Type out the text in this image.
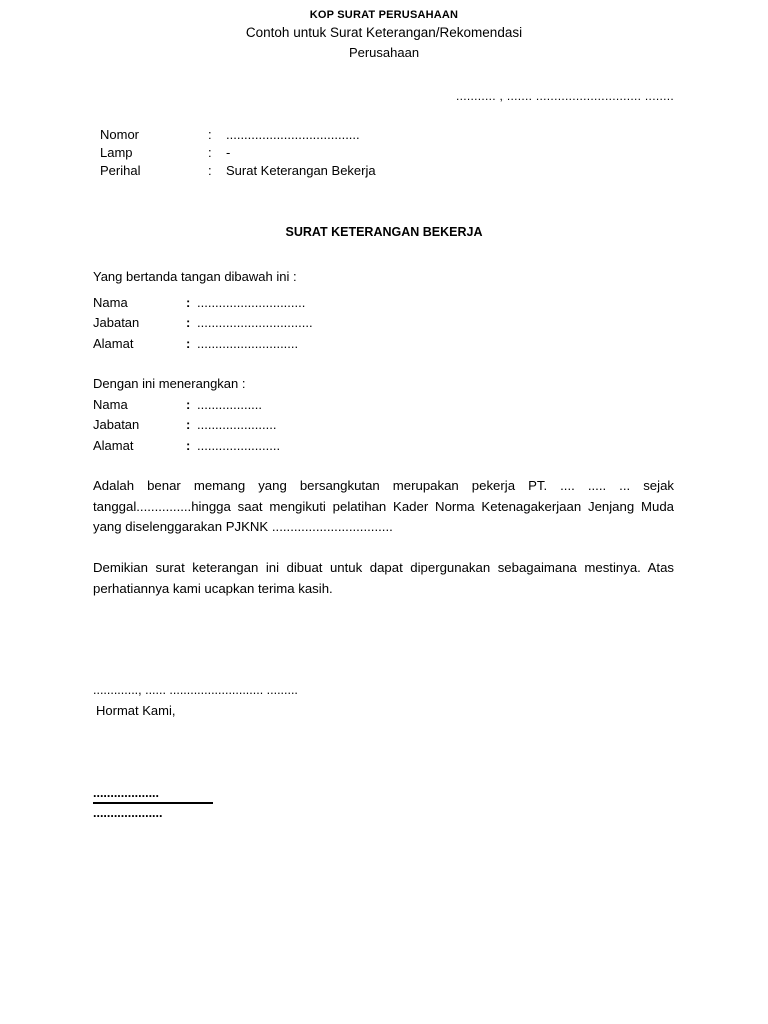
KOP SURAT PERUSAHAAN
Contoh untuk Surat Keterangan/Rekomendasi
Perusahaan
........... , ....... ............................. ........
Nomor	:	.....................................
Lamp	:	-
Perihal	:	Surat Keterangan Bekerja
SURAT KETERANGAN BEKERJA
Yang bertanda tangan dibawah ini :
Nama	: ..............................
Jabatan	: ................................
Alamat	: ............................
Dengan ini menerangkan :
Nama	: ..................
Jabatan	: ......................
Alamat	: .......................
Adalah benar memang yang bersangkutan merupakan pekerja PT. .... ..... ... sejak tanggal...............hingga saat mengikuti pelatihan Kader Norma Ketenagakerjaan Jenjang Muda yang diselenggarakan PJKNK .................................
Demikian surat keterangan ini dibuat untuk dapat dipergunakan sebagaimana mestinya. Atas perhatiannya kami ucapkan terima kasih.
............., ...... ........................... .........
Hormat Kami,
...................
....................
